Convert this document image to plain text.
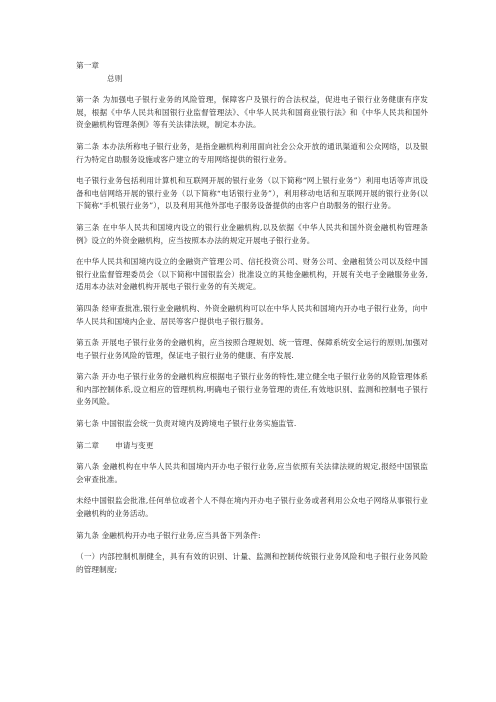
第一章
总则

第一条 为加强电子银行业务的风险管理，保障客户及银行的合法权益，促进电子银行业务健康有序发展，根据《中华人民共和国银行业监督管理法》、《中华人民共和国商业银行法》和《中华人民共和国外资金融机构管理条例》等有关法律法规，制定本办法。

第二条 本办法所称电子银行业务，是指金融机构利用面向社会公众开放的通讯渠道和公众网络，以及银行为特定自助服务设施或客户建立的专用网络提供的银行业务。

电子银行业务包括利用计算机和互联网开展的银行业务（以下简称“网上银行业务”）利用电话等声讯设备和电信网络开展的银行业务（以下简称“电话银行业务”），利用移动电话和互联网开展的银行业务(以下简称“手机银行业务”），以及利用其他外部电子服务设备提供的由客户自助服务的银行业务。

第三条 在中华人民共和国境内设立的银行业金融机构,以及依据《中华人民共和国外资金融机构管理条例》设立的外资金融机构，应当按照本办法的规定开展电子银行业务。

在中华人民共和国境内设立的金融资产管理公司、信托投资公司、财务公司、金融租赁公司以及经中国银行业监督管理委员会（以下简称中国银监会）批准设立的其他金融机构，开展有关电子金融服务业务,适用本办法对金融机构开展电子银行业务的有关规定。

第四条 经审查批准,银行业金融机构、外资金融机构可以在中华人民共和国境内开办电子银行业务，向中华人民共和国境内企业、居民等客户提供电子银行服务。

第五条 开展电子银行业务的金融机构，应当按照合理规划、统一管理、保障系统安全运行的原则,加强对电子银行业务风险的管理，保证电子银行业务的健康、有序发展.

第六条 开办电子银行业务的金融机构应根据电子银行业务的特性,建立健全电子银行业务的风险管理体系和内部控制体系,设立相应的管理机构,明确电子银行业务管理的责任,有效地识别、监测和控制电子银行业务风险。

第七条 中国银监会统一负责对境内及跨境电子银行业务实施监管.

第二章 申请与变更

第八条 金融机构在中华人民共和国境内开办电子银行业务,应当依照有关法律法规的规定,报经中国银监会审查批准。

未经中国银监会批准,任何单位或者个人不得在境内开办电子银行业务或者利用公众电子网络从事银行业金融机构的业务活动。

第九条 金融机构开办电子银行业务,应当具备下列条件:

（一）内部控制机制健全，具有有效的识别、计量、监测和控制传统银行业务风险和电子银行业务风险的管理制度;
